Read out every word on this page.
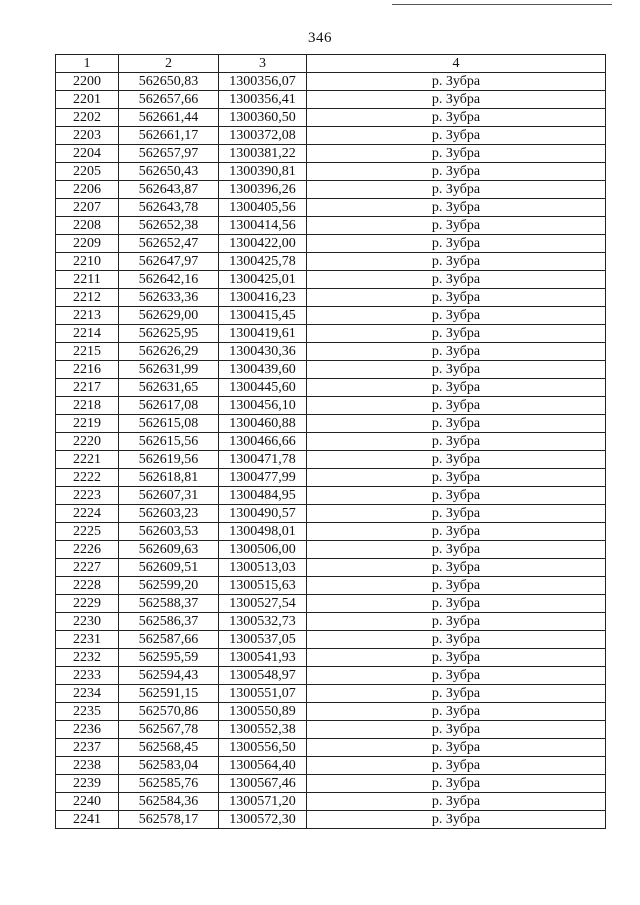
346
1	2	3	4
2200	562650,83	1300356,07	р. Зубра
2201	562657,66	1300356,41	р. Зубра
2202	562661,44	1300360,50	р. Зубра
2203	562661,17	1300372,08	р. Зубра
2204	562657,97	1300381,22	р. Зубра
2205	562650,43	1300390,81	р. Зубра
2206	562643,87	1300396,26	р. Зубра
2207	562643,78	1300405,56	р. Зубра
2208	562652,38	1300414,56	р. Зубра
2209	562652,47	1300422,00	р. Зубра
2210	562647,97	1300425,78	р. Зубра
2211	562642,16	1300425,01	р. Зубра
2212	562633,36	1300416,23	р. Зубра
2213	562629,00	1300415,45	р. Зубра
2214	562625,95	1300419,61	р. Зубра
2215	562626,29	1300430,36	р. Зубра
2216	562631,99	1300439,60	р. Зубра
2217	562631,65	1300445,60	р. Зубра
2218	562617,08	1300456,10	р. Зубра
2219	562615,08	1300460,88	р. Зубра
2220	562615,56	1300466,66	р. Зубра
2221	562619,56	1300471,78	р. Зубра
2222	562618,81	1300477,99	р. Зубра
2223	562607,31	1300484,95	р. Зубра
2224	562603,23	1300490,57	р. Зубра
2225	562603,53	1300498,01	р. Зубра
2226	562609,63	1300506,00	р. Зубра
2227	562609,51	1300513,03	р. Зубра
2228	562599,20	1300515,63	р. Зубра
2229	562588,37	1300527,54	р. Зубра
2230	562586,37	1300532,73	р. Зубра
2231	562587,66	1300537,05	р. Зубра
2232	562595,59	1300541,93	р. Зубра
2233	562594,43	1300548,97	р. Зубра
2234	562591,15	1300551,07	р. Зубра
2235	562570,86	1300550,89	р. Зубра
2236	562567,78	1300552,38	р. Зубра
2237	562568,45	1300556,50	р. Зубра
2238	562583,04	1300564,40	р. Зубра
2239	562585,76	1300567,46	р. Зубра
2240	562584,36	1300571,20	р. Зубра
2241	562578,17	1300572,30	р. Зубра
